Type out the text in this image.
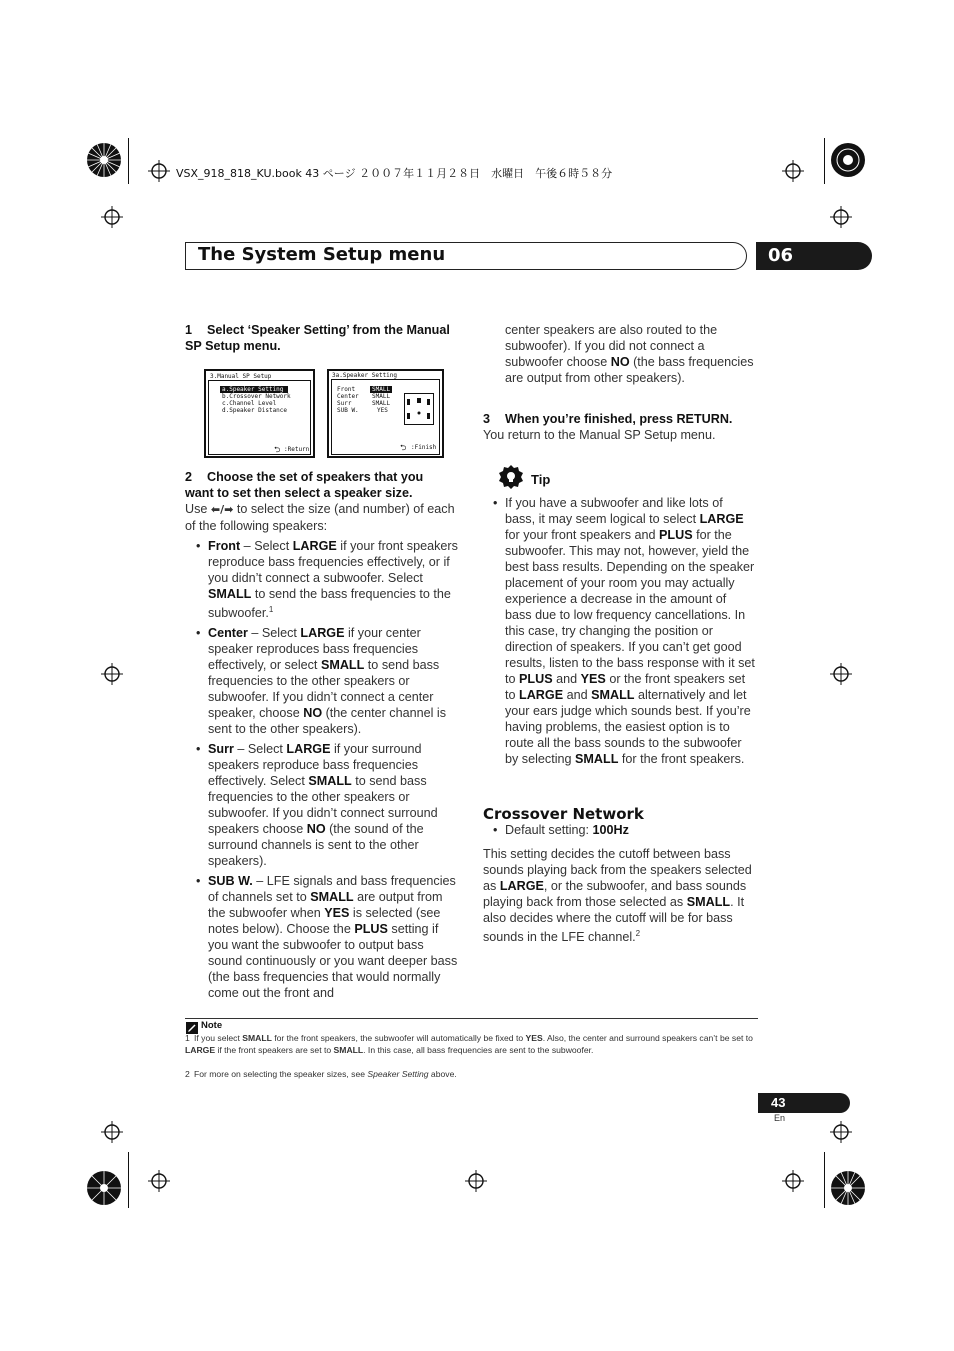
VSX_918_818_KU.book 43 ページ ２００７年１１月２８日　水曜日　午後６時５８分
The System Setup menu	06
1 Select ‘Speaker Setting’ from the Manual SP Setup menu.
3.Manual SP Setup
a.Speaker Setting
b.Crossover Network
c.Channel Level
d.Speaker Distance
⮌ :Return
3a.Speaker Setting
Front	SMALL
Center SMALL
Surr	SMALL
SUB W.	YES
⮌ :Finish
2 Choose the set of speakers that you want to set then select a speaker size.
Use ⬅/➡ to select the size (and number) of each of the following speakers:
• Front – Select LARGE if your front speakers reproduce bass frequencies effectively, or if you didn’t connect a subwoofer. Select SMALL to send the bass frequencies to the subwoofer.$^1$
• Center – Select LARGE if your center speaker reproduces bass frequencies effectively, or select SMALL to send bass frequencies to the other speakers or subwoofer. If you didn’t connect a center speaker, choose NO (the center channel is sent to the other speakers).
• Surr – Select LARGE if your surround speakers reproduce bass frequencies effectively. Select SMALL to send bass frequencies to the other speakers or subwoofer. If you didn’t connect surround speakers choose NO (the sound of the surround channels is sent to the other speakers).
• SUB W. – LFE signals and bass frequencies of channels set to SMALL are output from the subwoofer when YES is selected (see notes below). Choose the PLUS setting if you want the subwoofer to output bass sound continuously or you want deeper bass (the bass frequencies that would normally come out the front and
center speakers are also routed to the subwoofer). If you did not connect a subwoofer choose NO (the bass frequencies are output from other speakers).
3 When you’re finished, press RETURN.
You return to the Manual SP Setup menu.
Tip
• If you have a subwoofer and like lots of bass, it may seem logical to select LARGE for your front speakers and PLUS for the subwoofer. This may not, however, yield the best bass results. Depending on the speaker placement of your room you may actually experience a decrease in the amount of bass due to low frequency cancellations. In this case, try changing the position or direction of speakers. If you can’t get good results, listen to the bass response with it set to PLUS and YES or the front speakers set to LARGE and SMALL alternatively and let your ears judge which sounds best. If you’re having problems, the easiest option is to route all the bass sounds to the subwoofer by selecting SMALL for the front speakers.
Crossover Network
• Default setting: 100Hz
This setting decides the cutoff between bass sounds playing back from the speakers selected as LARGE, or the subwoofer, and bass sounds playing back from those selected as SMALL. It also decides where the cutoff will be for bass sounds in the LFE channel.$^2$
Note
1 If you select SMALL for the front speakers, the subwoofer will automatically be fixed to YES. Also, the center and surround speakers can’t be set to LARGE if the front speakers are set to SMALL. In this case, all bass frequencies are sent to the subwoofer.
2 For more on selecting the speaker sizes, see Speaker Setting above.
43
En
